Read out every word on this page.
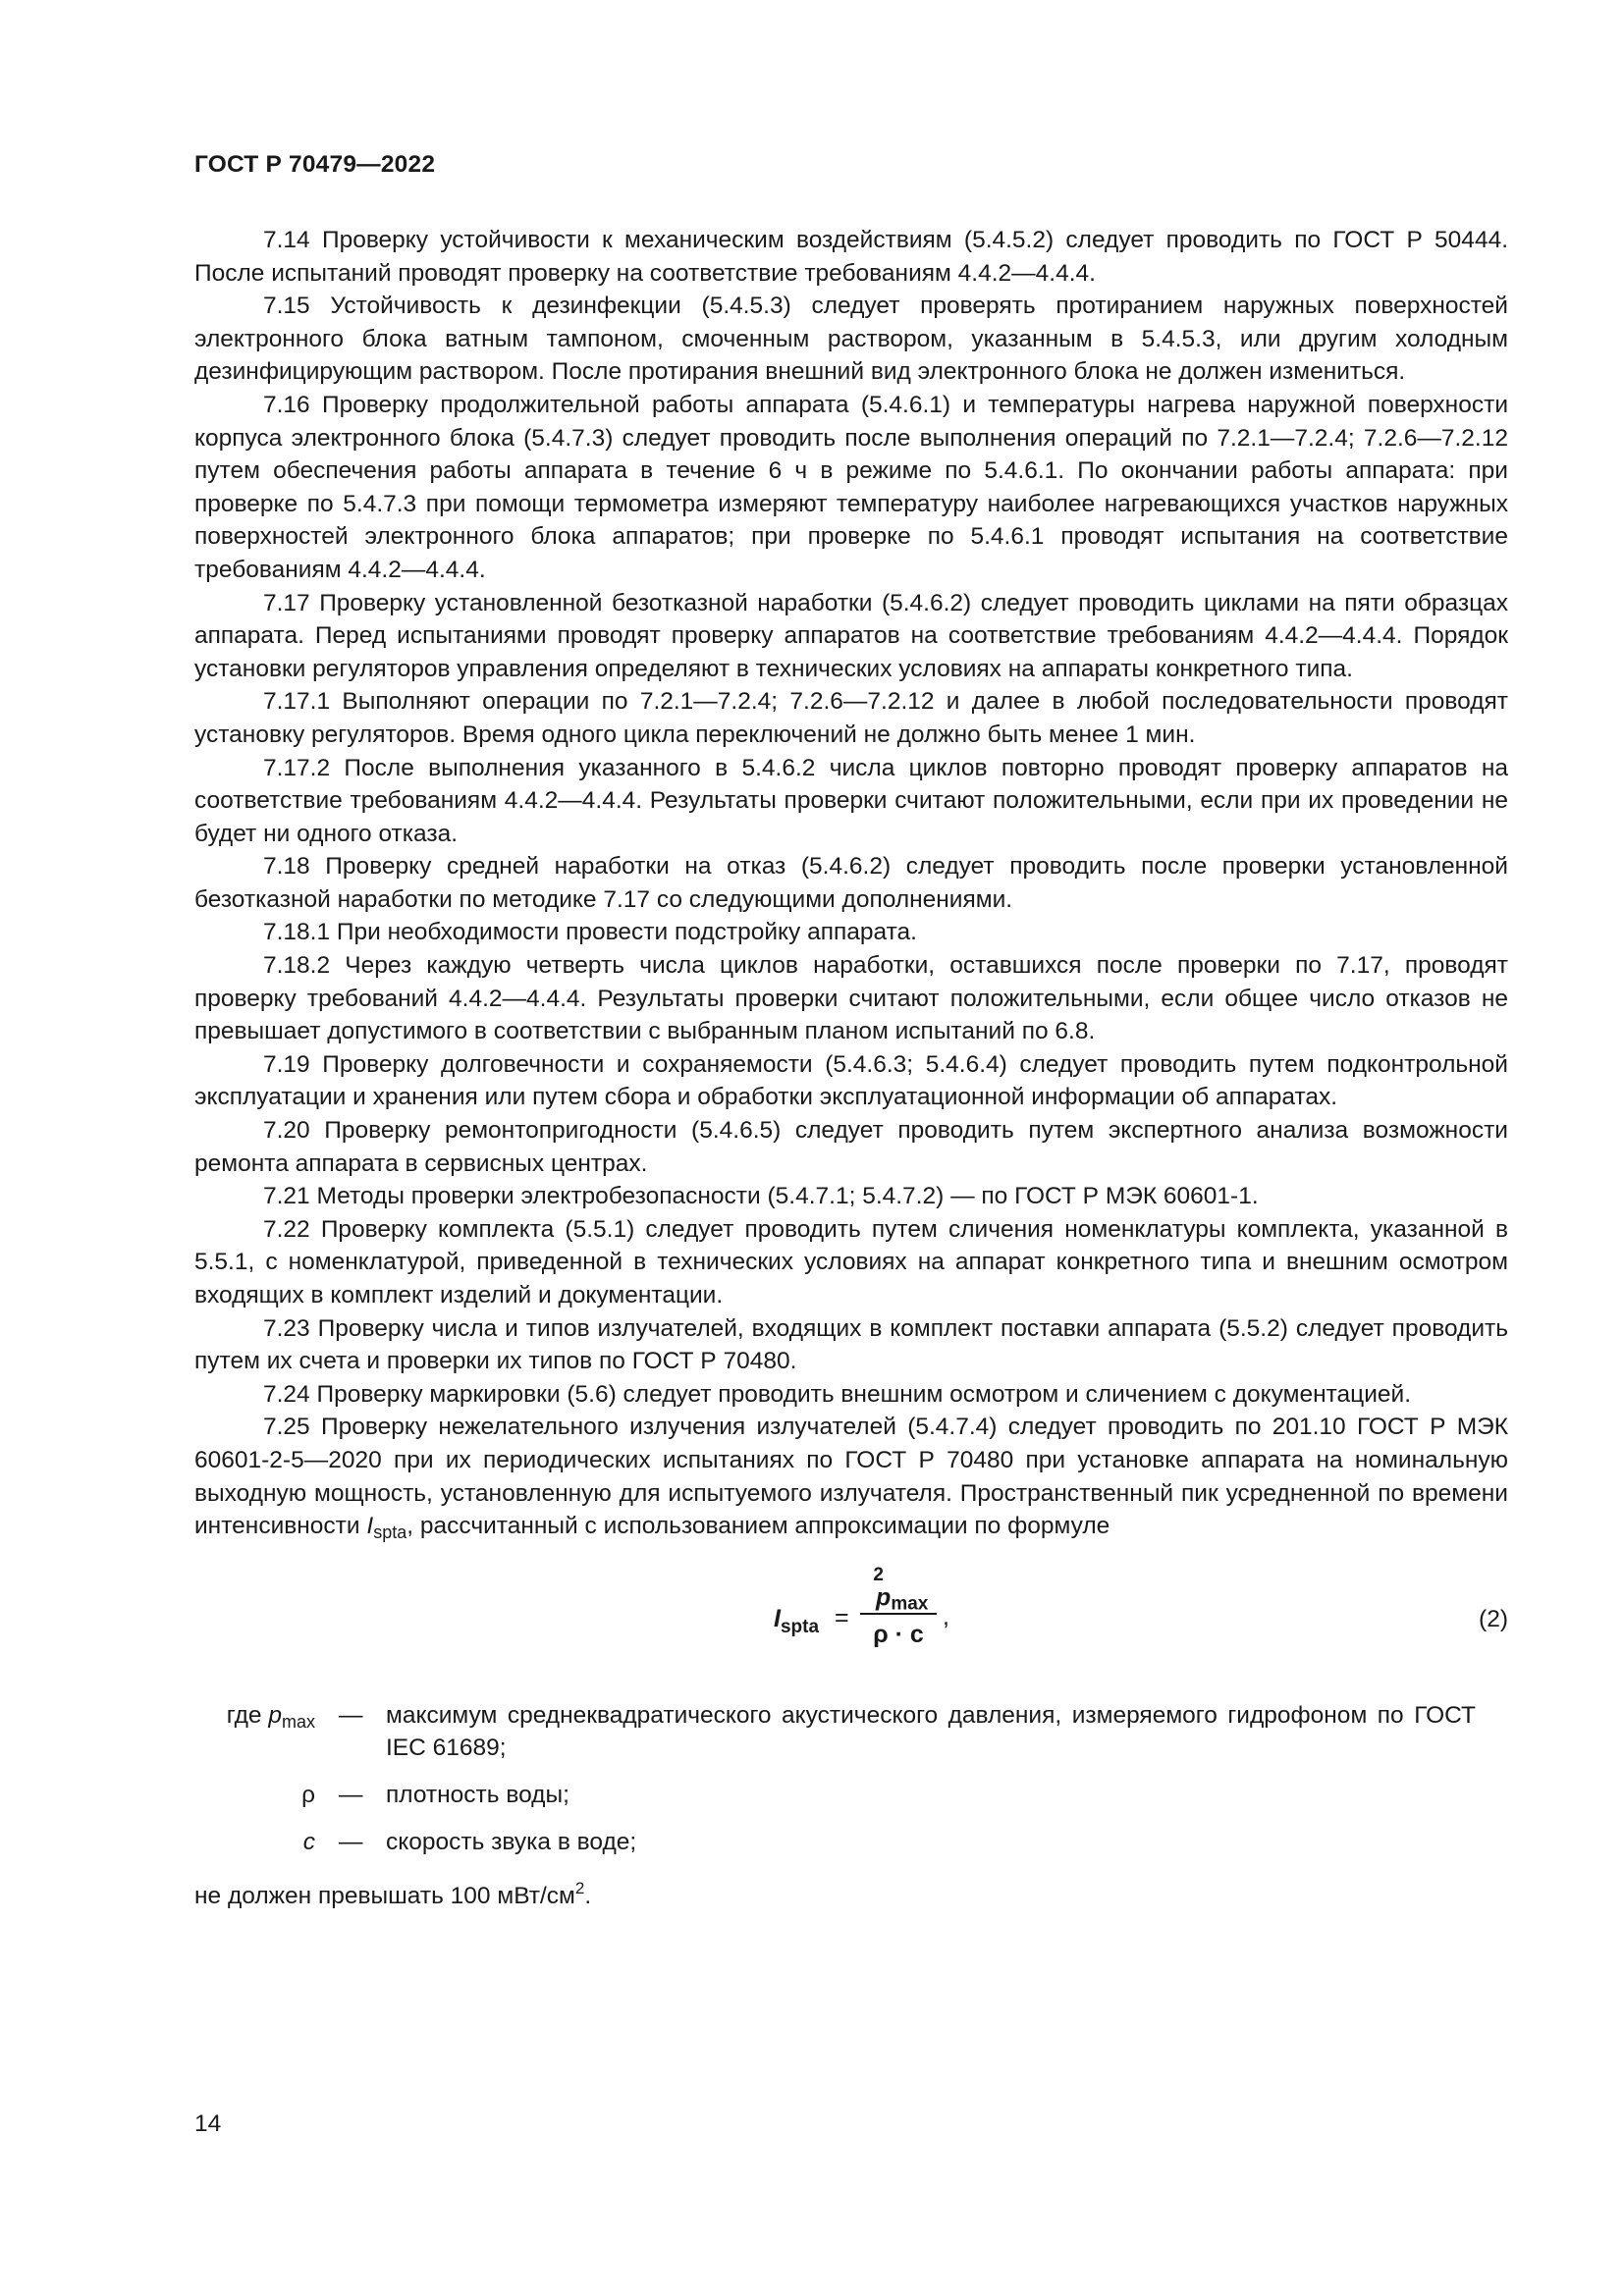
ГОСТ Р 70479—2022

7.14 Проверку устойчивости к механическим воздействиям (5.4.5.2) следует проводить по ГОСТ Р 50444. После испытаний проводят проверку на соответствие требованиям 4.4.2—4.4.4.

7.15 Устойчивость к дезинфекции (5.4.5.3) следует проверять протиранием наружных поверхностей электронного блока ватным тампоном, смоченным раствором, указанным в 5.4.5.3, или другим холодным дезинфицирующим раствором. После протирания внешний вид электронного блока не должен измениться.

7.16 Проверку продолжительной работы аппарата (5.4.6.1) и температуры нагрева наружной поверхности корпуса электронного блока (5.4.7.3) следует проводить после выполнения операций по 7.2.1—7.2.4; 7.2.6—7.2.12 путем обеспечения работы аппарата в течение 6 ч в режиме по 5.4.6.1. По окончании работы аппарата: при проверке по 5.4.7.3 при помощи термометра измеряют температуру наиболее нагревающихся участков наружных поверхностей электронного блока аппаратов; при проверке по 5.4.6.1 проводят испытания на соответствие требованиям 4.4.2—4.4.4.

7.17 Проверку установленной безотказной наработки (5.4.6.2) следует проводить циклами на пяти образцах аппарата. Перед испытаниями проводят проверку аппаратов на соответствие требованиям 4.4.2—4.4.4. Порядок установки регуляторов управления определяют в технических условиях на аппараты конкретного типа.

7.17.1 Выполняют операции по 7.2.1—7.2.4; 7.2.6—7.2.12 и далее в любой последовательности проводят установку регуляторов. Время одного цикла переключений не должно быть менее 1 мин.

7.17.2 После выполнения указанного в 5.4.6.2 числа циклов повторно проводят проверку аппаратов на соответствие требованиям 4.4.2—4.4.4. Результаты проверки считают положительными, если при их проведении не будет ни одного отказа.

7.18 Проверку средней наработки на отказ (5.4.6.2) следует проводить после проверки установленной безотказной наработки по методике 7.17 со следующими дополнениями.

7.18.1 При необходимости провести подстройку аппарата.

7.18.2 Через каждую четверть числа циклов наработки, оставшихся после проверки по 7.17, проводят проверку требований 4.4.2—4.4.4. Результаты проверки считают положительными, если общее число отказов не превышает допустимого в соответствии с выбранным планом испытаний по 6.8.

7.19 Проверку долговечности и сохраняемости (5.4.6.3; 5.4.6.4) следует проводить путем подконтрольной эксплуатации и хранения или путем сбора и обработки эксплуатационной информации об аппаратах.

7.20 Проверку ремонтопригодности (5.4.6.5) следует проводить путем экспертного анализа возможности ремонта аппарата в сервисных центрах.

7.21 Методы проверки электробезопасности (5.4.7.1; 5.4.7.2) — по ГОСТ Р МЭК 60601-1.

7.22 Проверку комплекта (5.5.1) следует проводить путем сличения номенклатуры комплекта, указанной в 5.5.1, с номенклатурой, приведенной в технических условиях на аппарат конкретного типа и внешним осмотром входящих в комплект изделий и документации.

7.23 Проверку числа и типов излучателей, входящих в комплект поставки аппарата (5.5.2) следует проводить путем их счета и проверки их типов по ГОСТ Р 70480.

7.24 Проверку маркировки (5.6) следует проводить внешним осмотром и сличением с документацией.

7.25 Проверку нежелательного излучения излучателей (5.4.7.4) следует проводить по 201.10 ГОСТ Р МЭК 60601-2-5—2020 при их периодических испытаниях по ГОСТ Р 70480 при установке аппарата на номинальную выходную мощность, установленную для испытуемого излучателя. Пространственный пик усредненной по времени интенсивности $I_{spta}$, рассчитанный с использованием аппроксимации по формуле

$I_{spta}$ =
$p_{max}^2$
ρ · c
,	(2)
где $p_{max}$ — максимум среднеквадратического акустического давления, измеряемого гидрофоном по ГОСТ IEC 61689;
ρ — плотность воды;
c — скорость звука в воде;
не должен превышать 100 мВт/$см^2$.
14
